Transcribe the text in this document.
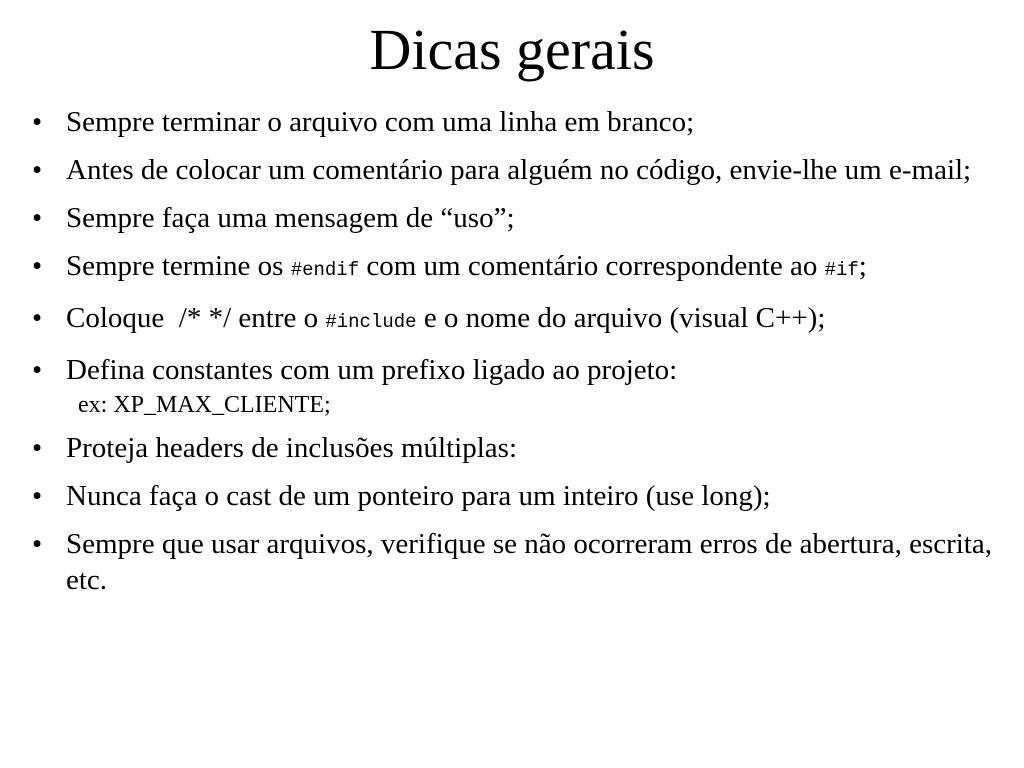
Dicas gerais
• Sempre terminar o arquivo com uma linha em branco;
• Antes de colocar um comentário para alguém no código, envie-lhe um e-mail;
• Sempre faça uma mensagem de “uso”;
• Sempre termine os #endif com um comentário correspondente ao #if;
• Coloque  /* */ entre o #include e o nome do arquivo (visual C++);
• Defina constantes com um prefixo ligado ao projeto:
ex: XP_MAX_CLIENTE;
• Proteja headers de inclusões múltiplas:
• Nunca faça o cast de um ponteiro para um inteiro (use long);
• Sempre que usar arquivos, verifique se não ocorreram erros de abertura, escrita, etc.
